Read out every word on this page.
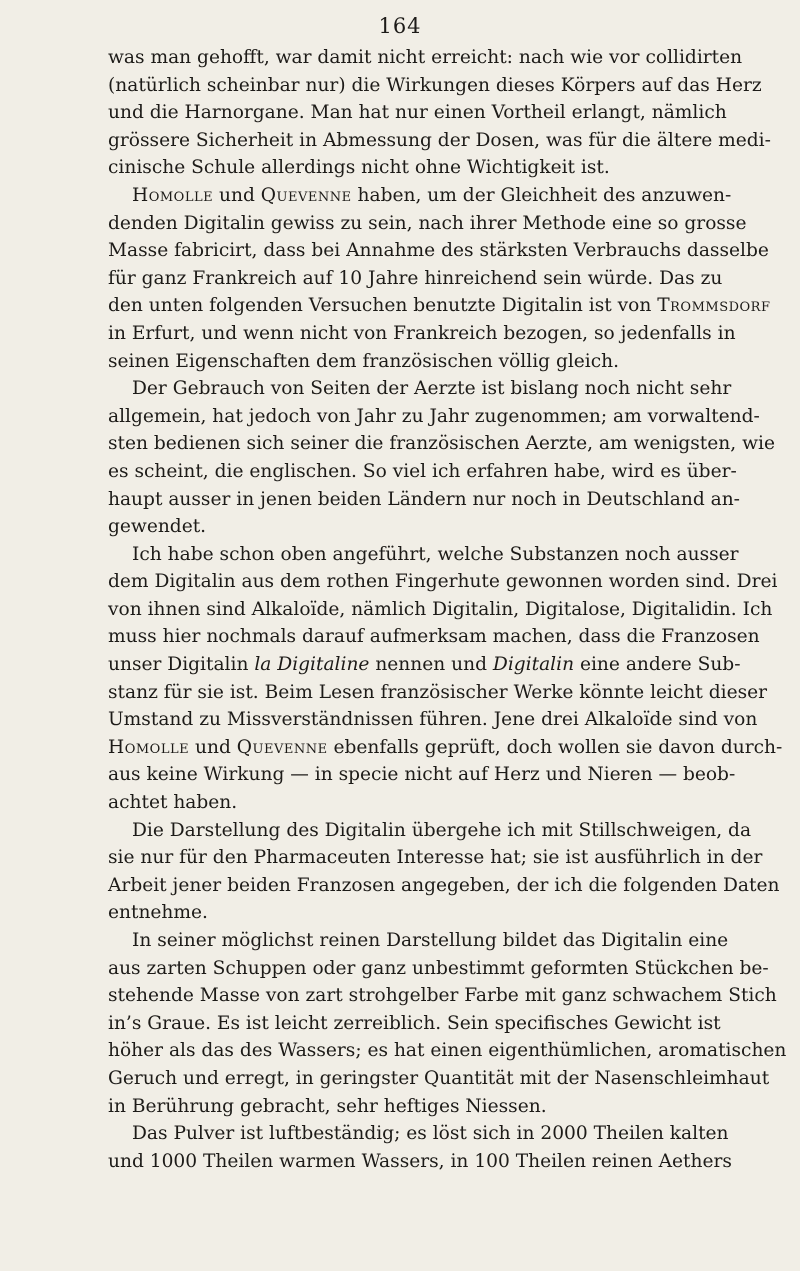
164
was man gehofft, war damit nicht erreicht: nach wie vor collidirten
(natürlich scheinbar nur) die Wirkungen dieses Körpers auf das Herz
und die Harnorgane. Man hat nur einen Vortheil erlangt, nämlich
grössere Sicherheit in Abmessung der Dosen, was für die ältere medi-
cinische Schule allerdings nicht ohne Wichtigkeit ist.
Homolle und Quevenne haben, um der Gleichheit des anzuwen-
denden Digitalin gewiss zu sein, nach ihrer Methode eine so grosse
Masse fabricirt, dass bei Annahme des stärksten Verbrauchs dasselbe
für ganz Frankreich auf 10 Jahre hinreichend sein würde. Das zu
den unten folgenden Versuchen benutzte Digitalin ist von Trommsdorf
in Erfurt, und wenn nicht von Frankreich bezogen, so jedenfalls in
seinen Eigenschaften dem französischen völlig gleich.
Der Gebrauch von Seiten der Aerzte ist bislang noch nicht sehr
allgemein, hat jedoch von Jahr zu Jahr zugenommen; am vorwaltend-
sten bedienen sich seiner die französischen Aerzte, am wenigsten, wie
es scheint, die englischen. So viel ich erfahren habe, wird es über-
haupt ausser in jenen beiden Ländern nur noch in Deutschland an-
gewendet.
Ich habe schon oben angeführt, welche Substanzen noch ausser
dem Digitalin aus dem rothen Fingerhute gewonnen worden sind. Drei
von ihnen sind Alkaloïde, nämlich Digitalin, Digitalose, Digitalidin. Ich
muss hier nochmals darauf aufmerksam machen, dass die Franzosen
unser Digitalin la Digitaline nennen und Digitalin eine andere Sub-
stanz für sie ist. Beim Lesen französischer Werke könnte leicht dieser
Umstand zu Missverständnissen führen. Jene drei Alkaloïde sind von
Homolle und Quevenne ebenfalls geprüft, doch wollen sie davon durch-
aus keine Wirkung — in specie nicht auf Herz und Nieren — beob-
achtet haben.
Die Darstellung des Digitalin übergehe ich mit Stillschweigen, da
sie nur für den Pharmaceuten Interesse hat; sie ist ausführlich in der
Arbeit jener beiden Franzosen angegeben, der ich die folgenden Daten
entnehme.
In seiner möglichst reinen Darstellung bildet das Digitalin eine
aus zarten Schuppen oder ganz unbestimmt geformten Stückchen be-
stehende Masse von zart strohgelber Farbe mit ganz schwachem Stich
in’s Graue. Es ist leicht zerreiblich. Sein specifisches Gewicht ist
höher als das des Wassers; es hat einen eigenthümlichen, aromatischen
Geruch und erregt, in geringster Quantität mit der Nasenschleimhaut
in Berührung gebracht, sehr heftiges Niessen.
Das Pulver ist luftbeständig; es löst sich in 2000 Theilen kalten
und 1000 Theilen warmen Wassers, in 100 Theilen reinen Aethers
